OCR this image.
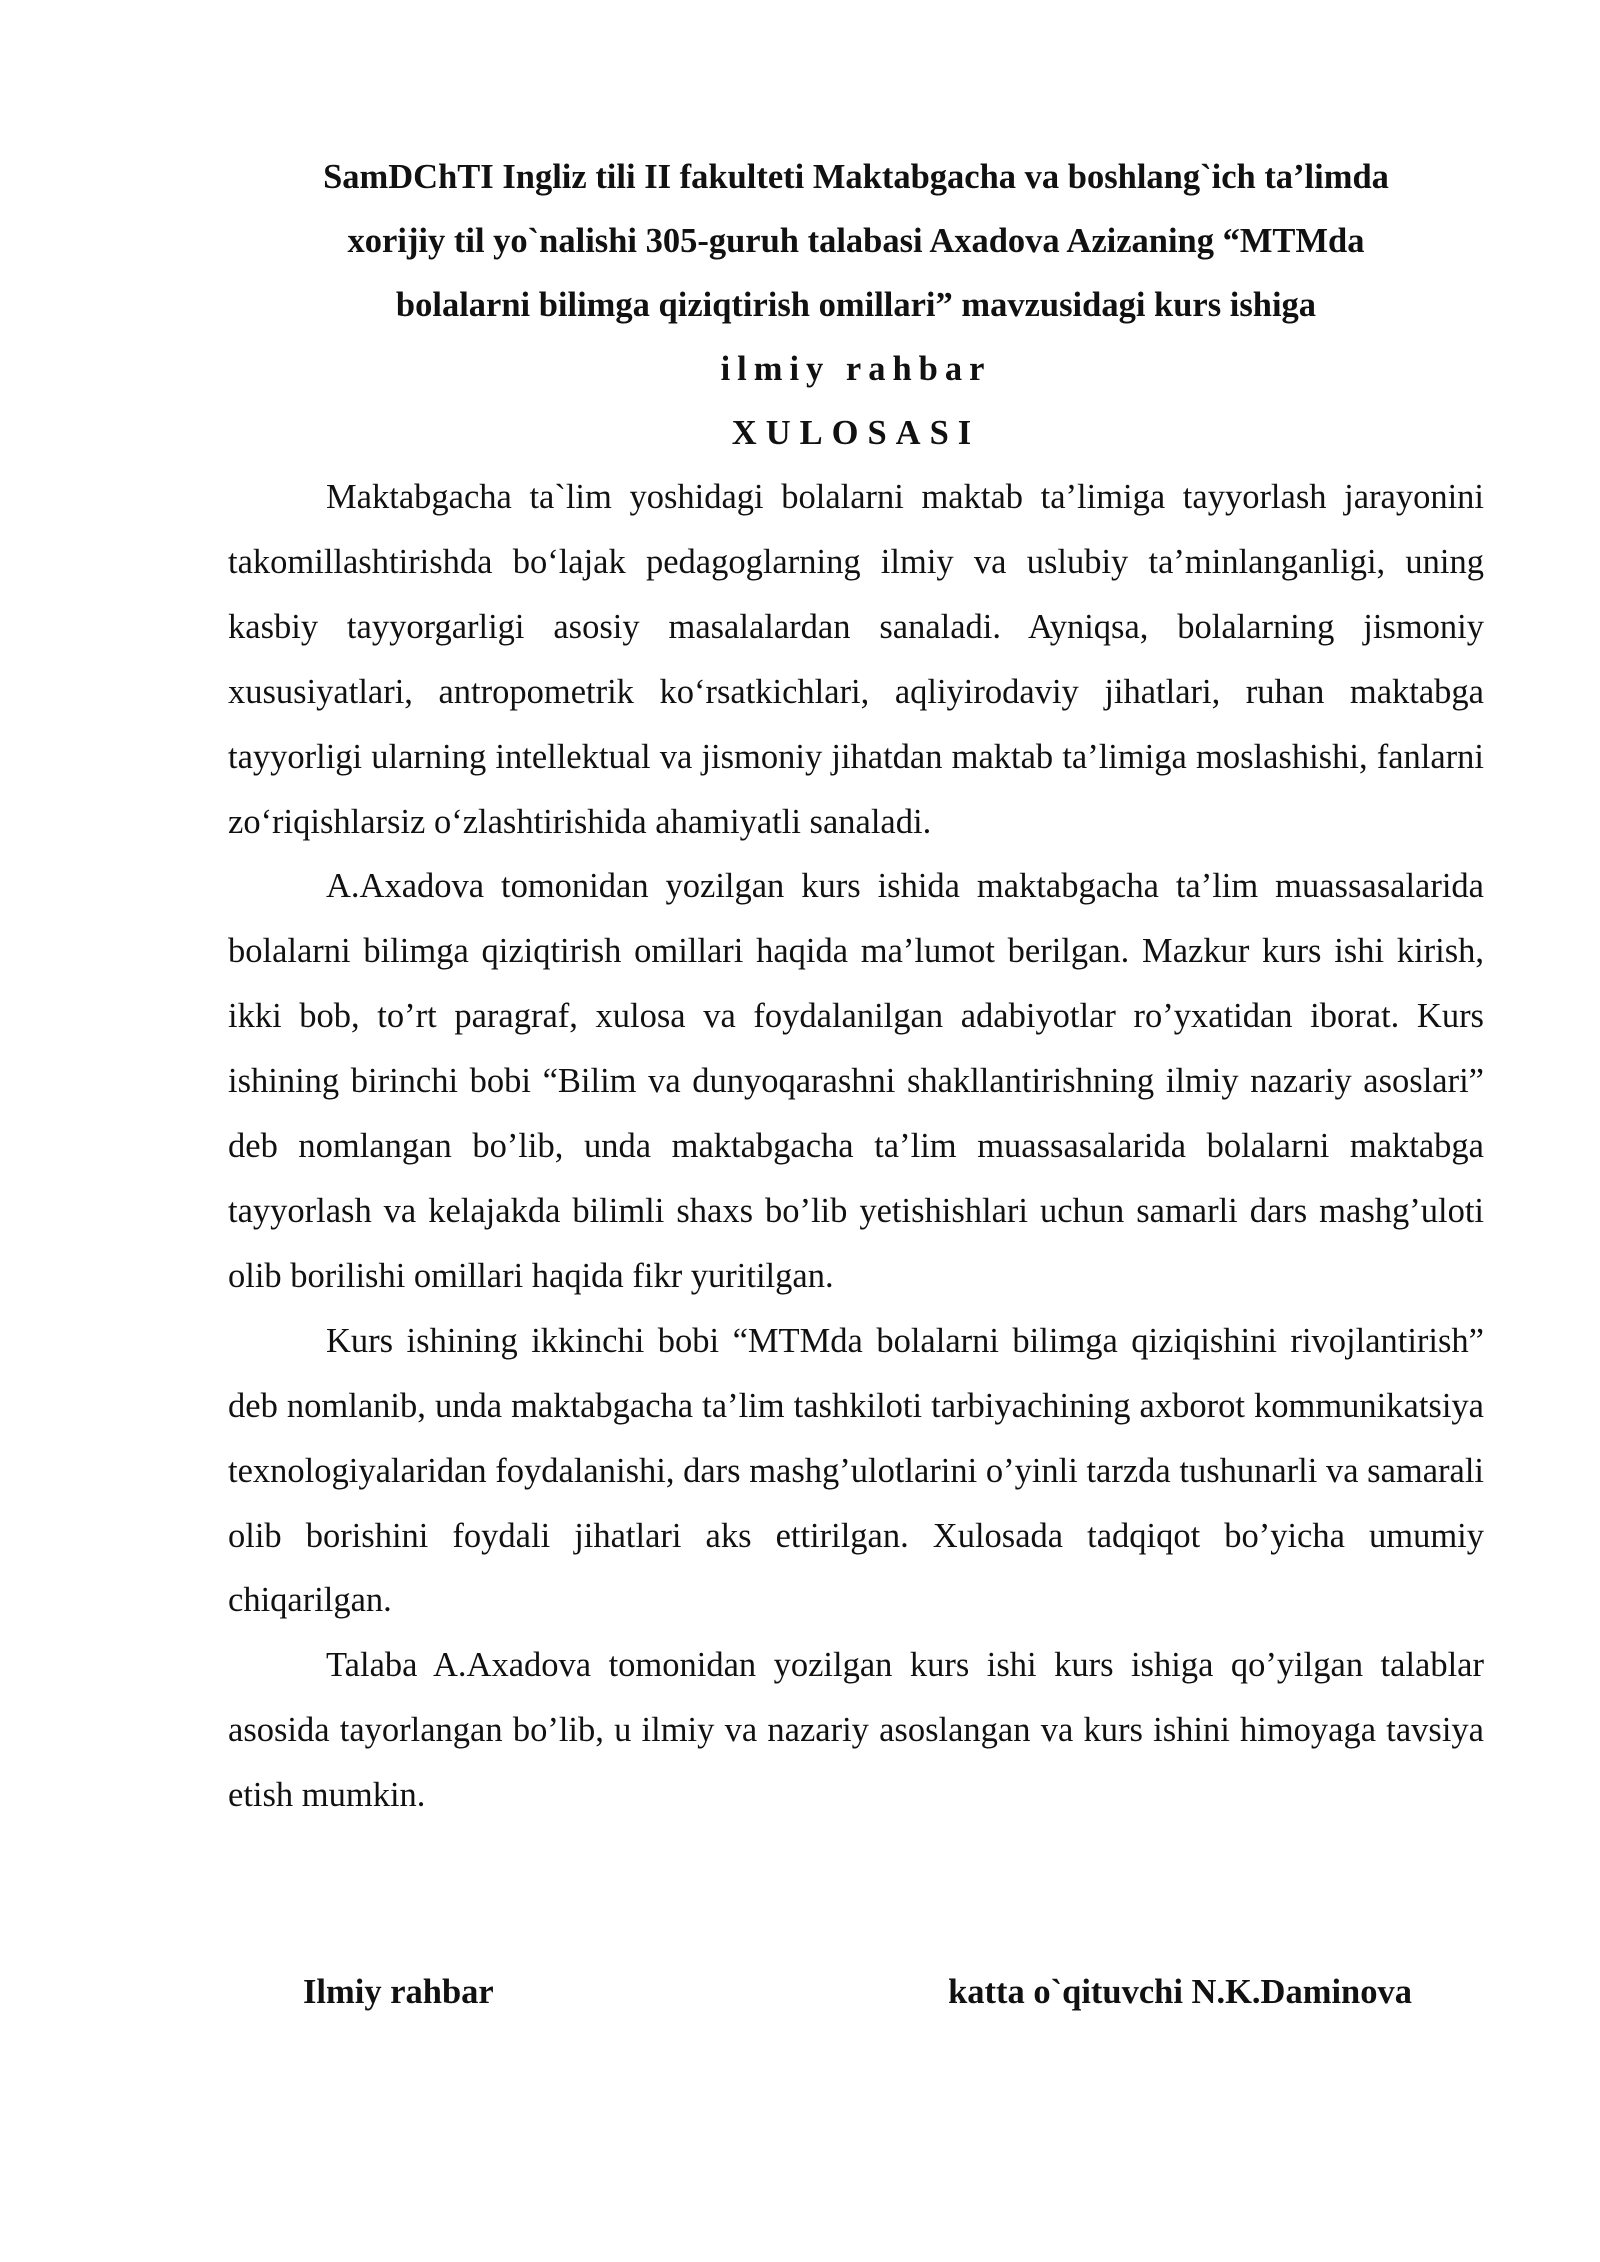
SamDChTI Ingliz tili II fakulteti Maktabgacha va boshlang`ich ta’limda

xorijiy til yo`nalishi 305-guruh talabasi Axadova Azizaning “MTMda

bolalarni bilimga qiziqtirish omillari” mavzusidagi kurs ishiga

ilmiy rahbar

XULOSASI

Maktabgacha ta`lim yoshidagi bolalarni maktab ta’limiga tayyorlash jarayonini takomillashtirishda bo‘lajak pedagoglarning ilmiy va uslubiy ta’minlanganligi, uning kasbiy tayyorgarligi asosiy masalalardan sanaladi. Ayniqsa, bolalarning jismoniy xususiyatlari, antropometrik ko‘rsatkichlari, aqliyirodaviy jihatlari, ruhan maktabga tayyorligi ularning intellektual va jismoniy jihatdan maktab ta’limiga moslashishi, fanlarni zo‘riqishlarsiz o‘zlashtirishida ahamiyatli sanaladi.

A.Axadova tomonidan yozilgan kurs ishida maktabgacha ta’lim muassasalarida bolalarni bilimga qiziqtirish omillari haqida ma’lumot berilgan. Mazkur kurs ishi kirish, ikki bob, to’rt paragraf, xulosa va foydalanilgan adabiyotlar ro’yxatidan iborat. Kurs ishining birinchi bobi “Bilim va dunyoqarashni shakllantirishning ilmiy nazariy asoslari” deb nomlangan bo’lib, unda maktabgacha ta’lim muassasalarida bolalarni maktabga tayyorlash va kelajakda bilimli shaxs bo’lib yetishishlari uchun samarli dars mashg’uloti olib borilishi omillari haqida fikr yuritilgan.

Kurs ishining ikkinchi bobi “MTMda bolalarni bilimga qiziqishini rivojlantirish” deb nomlanib, unda maktabgacha ta’lim tashkiloti tarbiyachining axborot kommunikatsiya texnologiyalaridan foydalanishi, dars mashg’ulotlarini o’yinli tarzda tushunarli va samarali olib borishini foydali jihatlari aks ettirilgan. Xulosada tadqiqot bo’yicha umumiy chiqarilgan.

Talaba A.Axadova tomonidan yozilgan kurs ishi kurs ishiga qo’yilgan talablar asosida tayorlangan bo’lib, u ilmiy va nazariy asoslangan va kurs ishini himoyaga tavsiya etish mumkin.

Ilmiy rahbar	katta o`qituvchi N.K.Daminova
